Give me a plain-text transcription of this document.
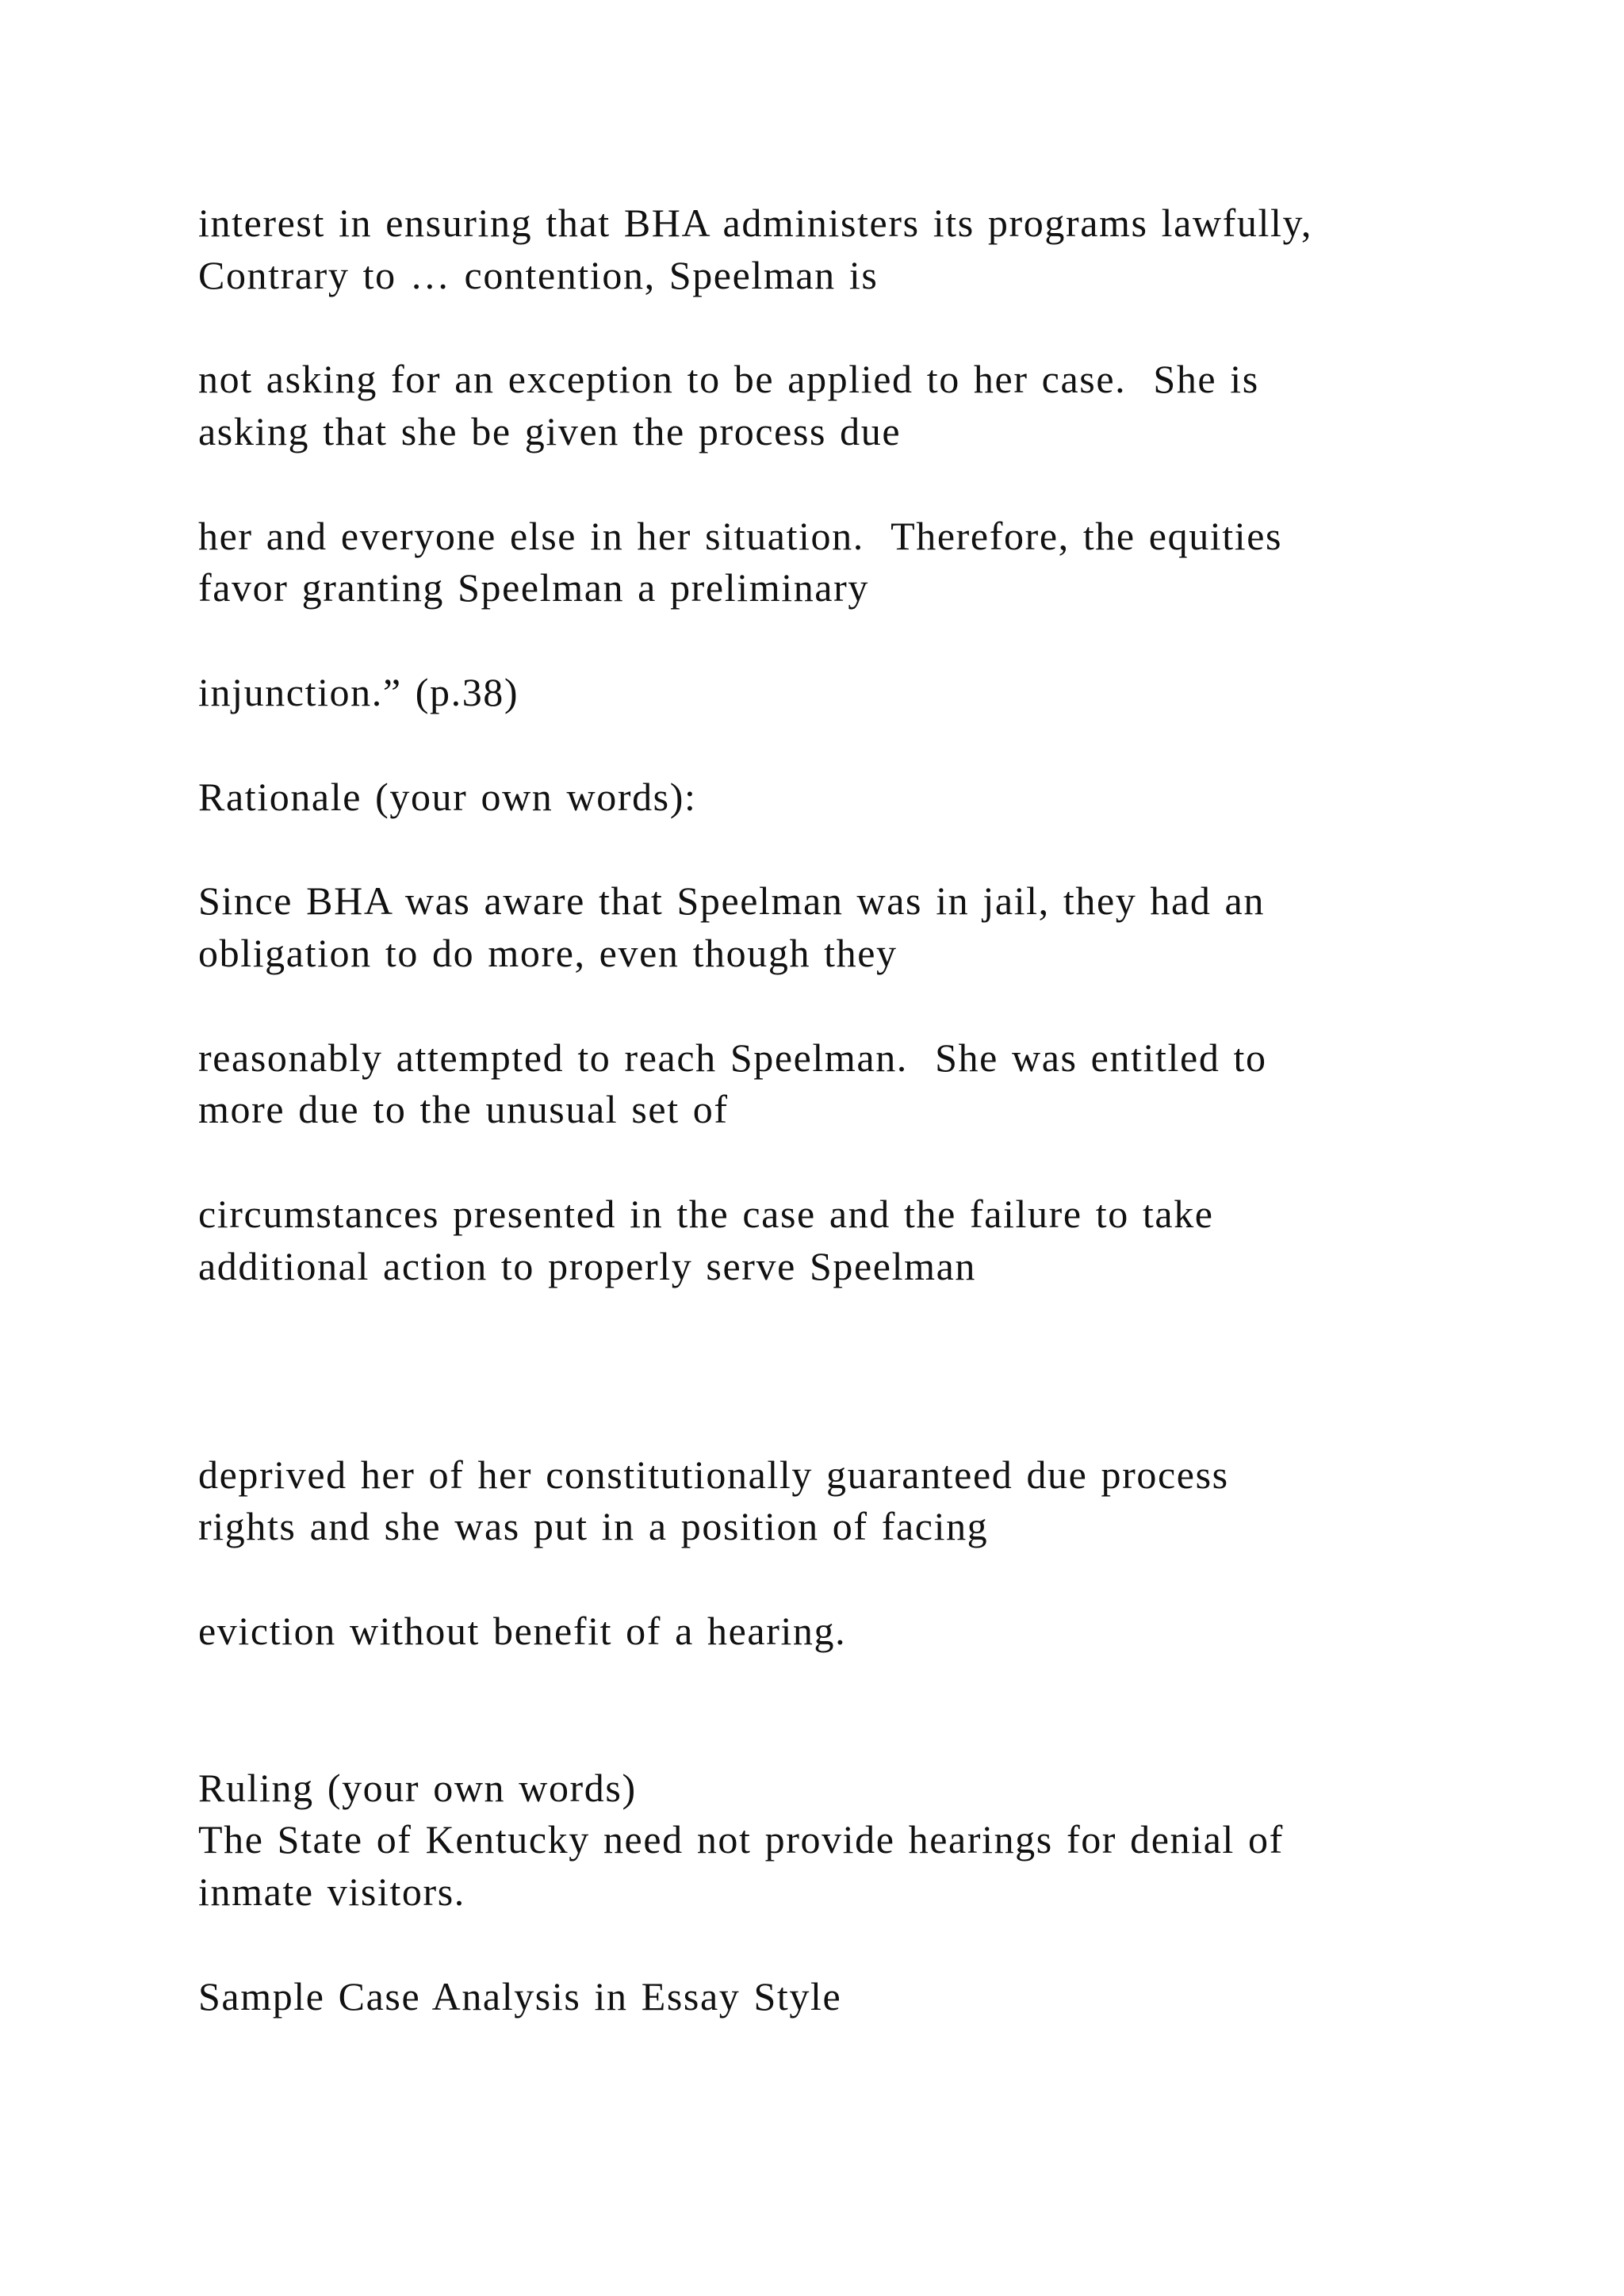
interest in ensuring that BHA administers its programs lawfully,
Contrary to … contention, Speelman is
not asking for an exception to be applied to her case.  She is
asking that she be given the process due
her and everyone else in her situation.  Therefore, the equities
favor granting Speelman a preliminary
injunction.” (p.38)
Rationale (your own words):
Since BHA was aware that Speelman was in jail, they had an
obligation to do more, even though they
reasonably attempted to reach Speelman.  She was entitled to
more due to the unusual set of
circumstances presented in the case and the failure to take
additional action to properly serve Speelman
deprived her of her constitutionally guaranteed due process
rights and she was put in a position of facing
eviction without benefit of a hearing.
Ruling (your own words)
The State of Kentucky need not provide hearings for denial of
inmate visitors.
Sample Case Analysis in Essay Style
